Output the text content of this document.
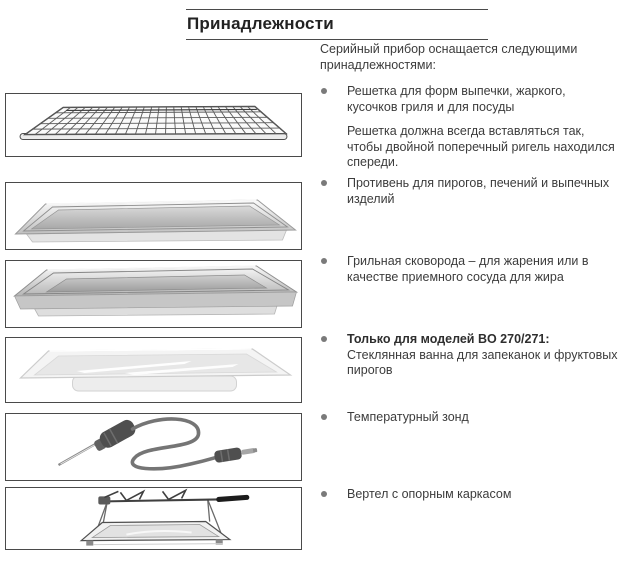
Принадлежности
Серийный прибор оснащается следующими принадлежностями:
Решетка для форм выпечки, жаркого, кусочков гриля и для посуды
Решетка должна всегда вставляться так, чтобы двойной поперечный ригель находился спереди.
Противень для пирогов, печений и выпечных изделий
Грильная сковорода – для жарения или в качестве приемного сосуда для жира
Только для моделей BO 270/271:
Стеклянная ванна для запеканок и фруктовых пирогов
Температурный зонд
Вертел с опорным каркасом
